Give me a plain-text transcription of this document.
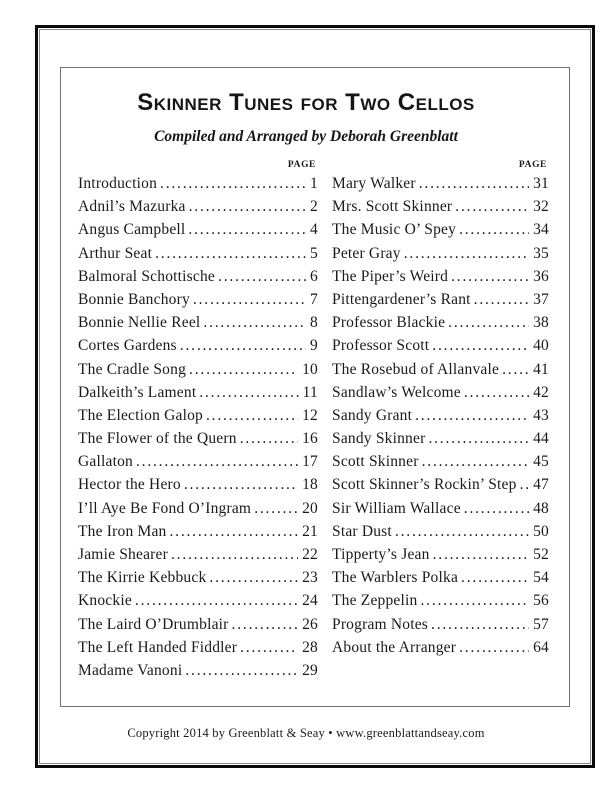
Skinner Tunes for Two Cellos
Compiled and Arranged by Deborah Greenblatt
PAGE
Introduction .....	1
Adnil’s Mazurka .....	2
Angus Campbell .....	4
Arthur Seat .....	5
Balmoral Schottische .....	6
Bonnie Banchory .....	7
Bonnie Nellie Reel .....	8
Cortes Gardens .....	9
The Cradle Song .....	10
Dalkeith’s Lament .....	11
The Election Galop .....	12
The Flower of the Quern .....	16
Gallaton .....	17
Hector the Hero .....	18
I’ll Aye Be Fond O’Ingram .....	20
The Iron Man .....	21
Jamie Shearer .....	22
The Kirrie Kebbuck .....	23
Knockie .....	24
The Laird O’Drumblair .....	26
The Left Handed Fiddler .....	28
Madame Vanoni .....	29
PAGE
Mary Walker .....	31
Mrs. Scott Skinner .....	32
The Music O’ Spey .....	34
Peter Gray .....	35
The Piper’s Weird .....	36
Pittengardener’s Rant .....	37
Professor Blackie .....	38
Professor Scott .....	40
The Rosebud of Allanvale ..... 41
Sandlaw’s Welcome .....	42
Sandy Grant .....	43
Sandy Skinner .....	44
Scott Skinner .....	45
Scott Skinner’s Rockin’ Step ..... 47
Sir William Wallace .....	48
Star Dust .....	50
Tipperty’s Jean .....	52
The Warblers Polka .....	54
The Zeppelin .....	56
Program Notes .....	57
About the Arranger .....	64
Copyright 2014 by Greenblatt & Seay • www.greenblattandseay.com
